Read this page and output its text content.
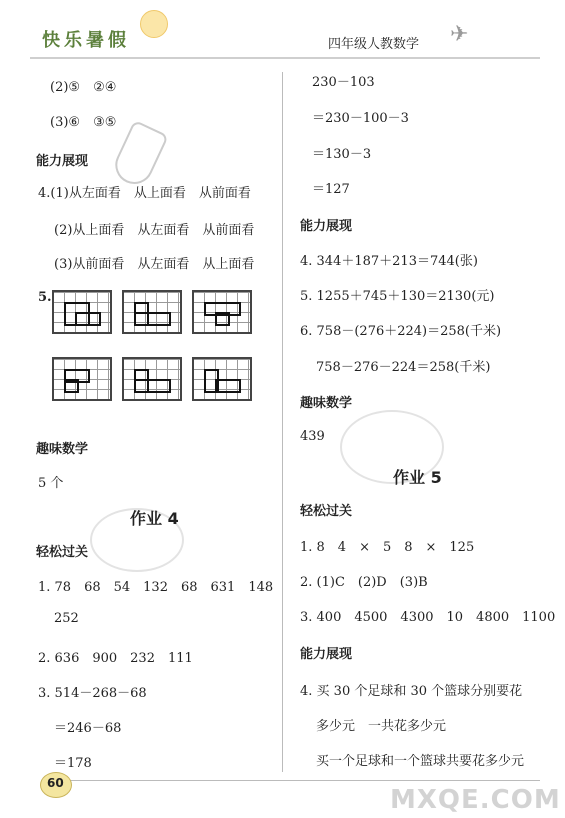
快乐暑假	四年级人教数学 ✈
(2)⑤　②④
(3)⑥　③⑤
能力展现
4.(1)从左面看　从上面看　从前面看
(2)从上面看　从左面看　从前面看
(3)从前面看　从左面看　从上面看
5.
趣味数学
5 个
作业 4
轻松过关
1. 78　68　54　132　68　631　148
252
2. 636　900　232　111
3. 514－268－68
＝246－68
＝178
230－103
＝230－100－3
＝130－3
＝127
能力展现
4. 344＋187＋213＝744(张)
5. 1255＋745＋130＝2130(元)
6. 758－(276＋224)＝258(千米)
758－276－224＝258(千米)
趣味数学
439
作业 5
轻松过关
1. 8　4　×　5　8　×　125
2. (1)C　(2)D　(3)B
3. 400　4500　4300　10　4800　1100
能力展现
4. 买 30 个足球和 30 个篮球分别要花
多少元　一共花多少元
买一个足球和一个篮球共要花多少元
60
MXQE.COM
